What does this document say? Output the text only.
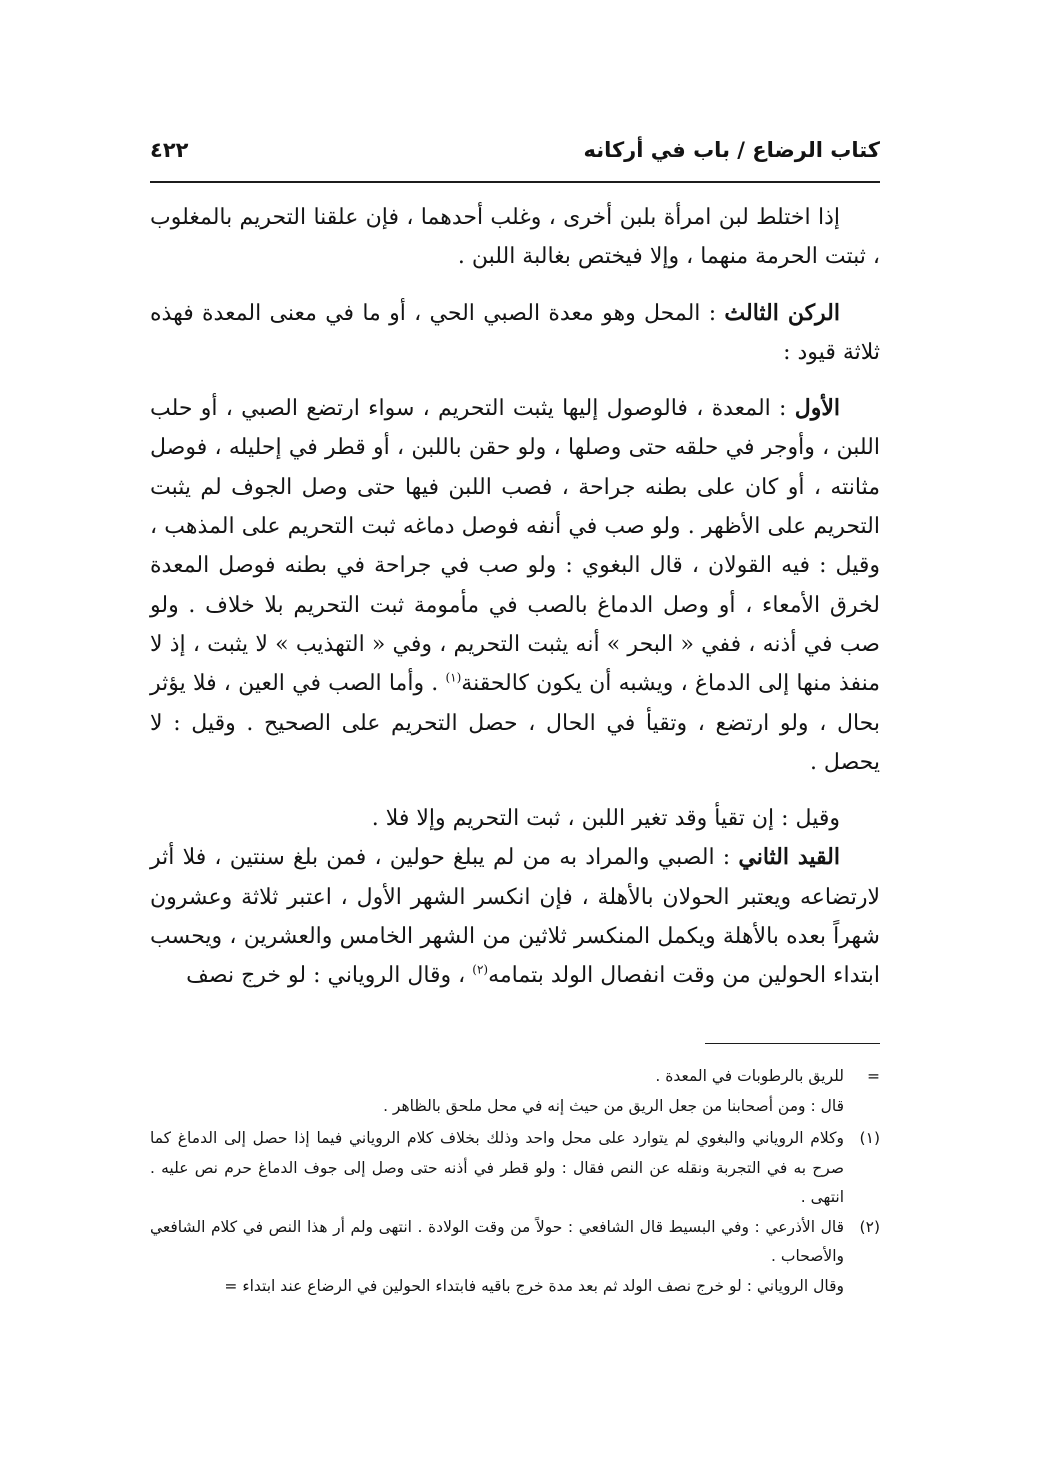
كتاب الرضاع / باب في أركانه
٤٢٢

إذا اختلط لبن امرأة بلبن أخرى ، وغلب أحدهما ، فإن علقنا التحريم بالمغلوب ، ثبتت الحرمة منهما ، وإلا فيختص بغالبة اللبن .

الركن الثالث : المحل وهو معدة الصبي الحي ، أو ما في معنى المعدة فهذه ثلاثة قيود :

الأول : المعدة ، فالوصول إليها يثبت التحريم ، سواء ارتضع الصبي ، أو حلب اللبن ، وأوجر في حلقه حتى وصلها ، ولو حقن باللبن ، أو قطر في إحليله ، فوصل مثانته ، أو كان على بطنه جراحة ، فصب اللبن فيها حتى وصل الجوف لم يثبت التحريم على الأظهر . ولو صب في أنفه فوصل دماغه ثبت التحريم على المذهب ، وقيل : فيه القولان ، قال البغوي : ولو صب في جراحة في بطنه فوصل المعدة لخرق الأمعاء ، أو وصل الدماغ بالصب في مأمومة ثبت التحريم بلا خلاف . ولو صب في أذنه ، ففي « البحر » أنه يثبت التحريم ، وفي « التهذيب » لا يثبت ، إذ لا منفذ منها إلى الدماغ ، ويشبه أن يكون كالحقنة$^{(١)}$ . وأما الصب في العين ، فلا يؤثر بحال ، ولو ارتضع ، وتقيأ في الحال ، حصل التحريم على الصحيح . وقيل : لا يحصل .

وقيل : إن تقيأ وقد تغير اللبن ، ثبت التحريم وإلا فلا .

القيد الثاني : الصبي والمراد به من لم يبلغ حولين ، فمن بلغ سنتين ، فلا أثر لارتضاعه ويعتبر الحولان بالأهلة ، فإن انكسر الشهر الأول ، اعتبر ثلاثة وعشرون شهراً بعده بالأهلة ويكمل المنكسر ثلاثين من الشهر الخامس والعشرين ، ويحسب ابتداء الحولين من وقت انفصال الولد بتمامه$^{(٢)}$ ، وقال الروياني : لو خرج نصف

=
للريق بالرطوبات في المعدة .

قال : ومن أصحابنا من جعل الريق من حيث إنه في محل ملحق بالظاهر .

(١)
وكلام الروياني والبغوي لم يتوارد على محل واحد وذلك بخلاف كلام الروياني فيما إذا حصل إلى الدماغ كما صرح به في التجربة ونقله عن النص فقال : ولو قطر في أذنه حتى وصل إلى جوف الدماغ حرم نص عليه . انتهى .
(٢)
قال الأذرعي : وفي البسيط قال الشافعي : حولاً من وقت الولادة . انتهى ولم أر هذا النص في كلام الشافعي والأصحاب .

وقال الروياني : لو خرج نصف الولد ثم بعد مدة خرج باقيه فابتداء الحولين في الرضاع عند ابتداء =
